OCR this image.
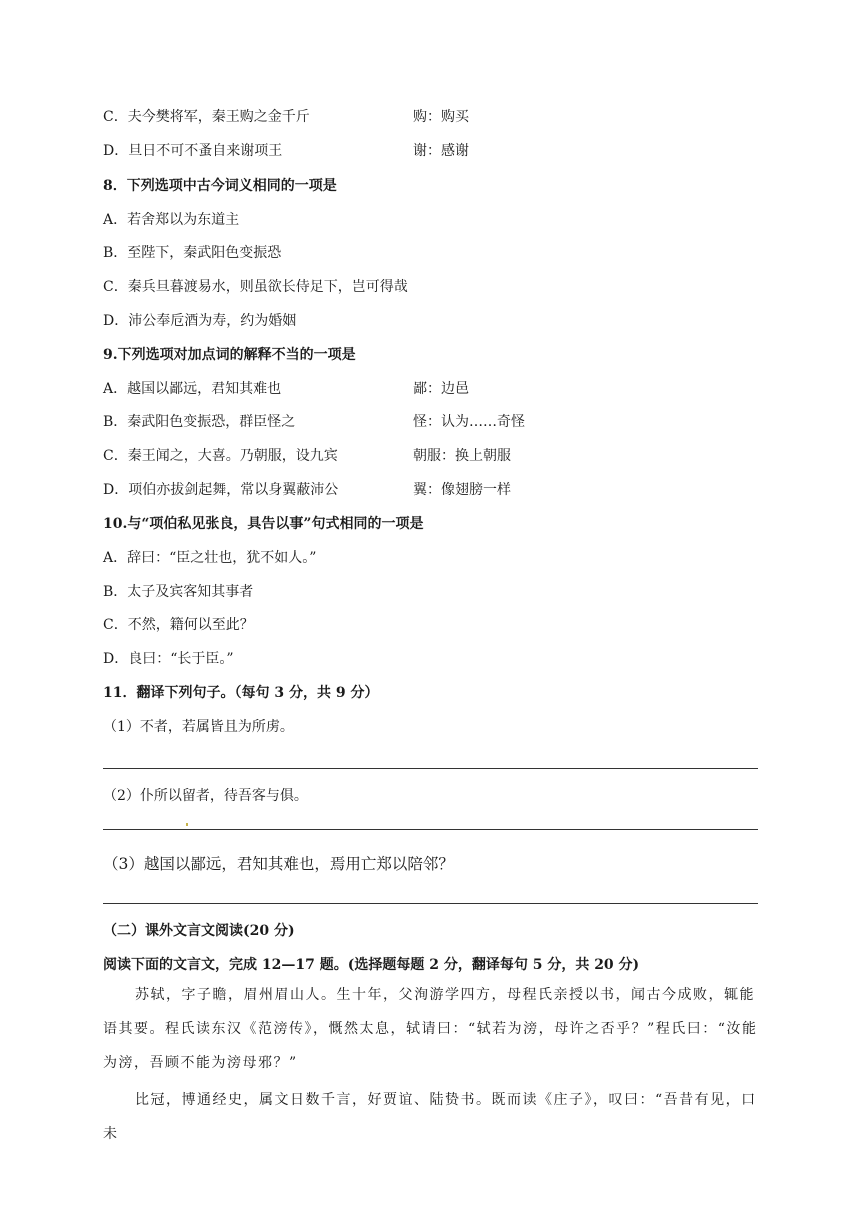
C．夫今樊将军，秦王购之金千斤	购：购买
D．旦日不可不蚤自来谢项王	谢：感谢
8．下列选项中古今词义相同的一项是
A．若舍郑以为东道主
B．至陛下，秦武阳色变振恐
C．秦兵旦暮渡易水，则虽欲长侍足下，岂可得哉
D．沛公奉卮酒为寿，约为婚姻
9.下列选项对加点词的解释不当的一项是
A．越国以鄙远，君知其难也	鄙：边邑
B．秦武阳色变振恐，群臣怪之	怪：认为……奇怪
C．秦王闻之，大喜。乃朝服，设九宾	朝服：换上朝服
D．项伯亦拔剑起舞，常以身翼蔽沛公	翼：像翅膀一样
10.与“项伯私见张良，具告以事”句式相同的一项是
A．辞曰：“臣之壮也，犹不如人。”
B．太子及宾客知其事者
C．不然，籍何以至此？
D．良曰：“长于臣。”
11．翻译下列句子。（每句 3 分，共 9 分）
（1）不者，若属皆且为所虏。
（2）仆所以留者，待吾客与俱。
（3）越国以鄙远，君知其难也，焉用亡郑以陪邻？
（二）课外文言文阅读(20 分)
阅读下面的文言文，完成 12—17 题。(选择题每题 2 分，翻译每句 5 分，共 20 分)
苏轼，字子瞻，眉州眉山人。生十年，父洵游学四方，母程氏亲授以书，闻古今成败，辄能语其要。程氏读东汉《范滂传》，慨然太息，轼请曰：“轼若为滂，母许之否乎？”程氏曰：“汝能为滂，吾顾不能为滂母邪？”
比冠，博通经史，属文日数千言，好贾谊、陆贽书。既而读《庄子》，叹曰：“吾昔有见，口未
